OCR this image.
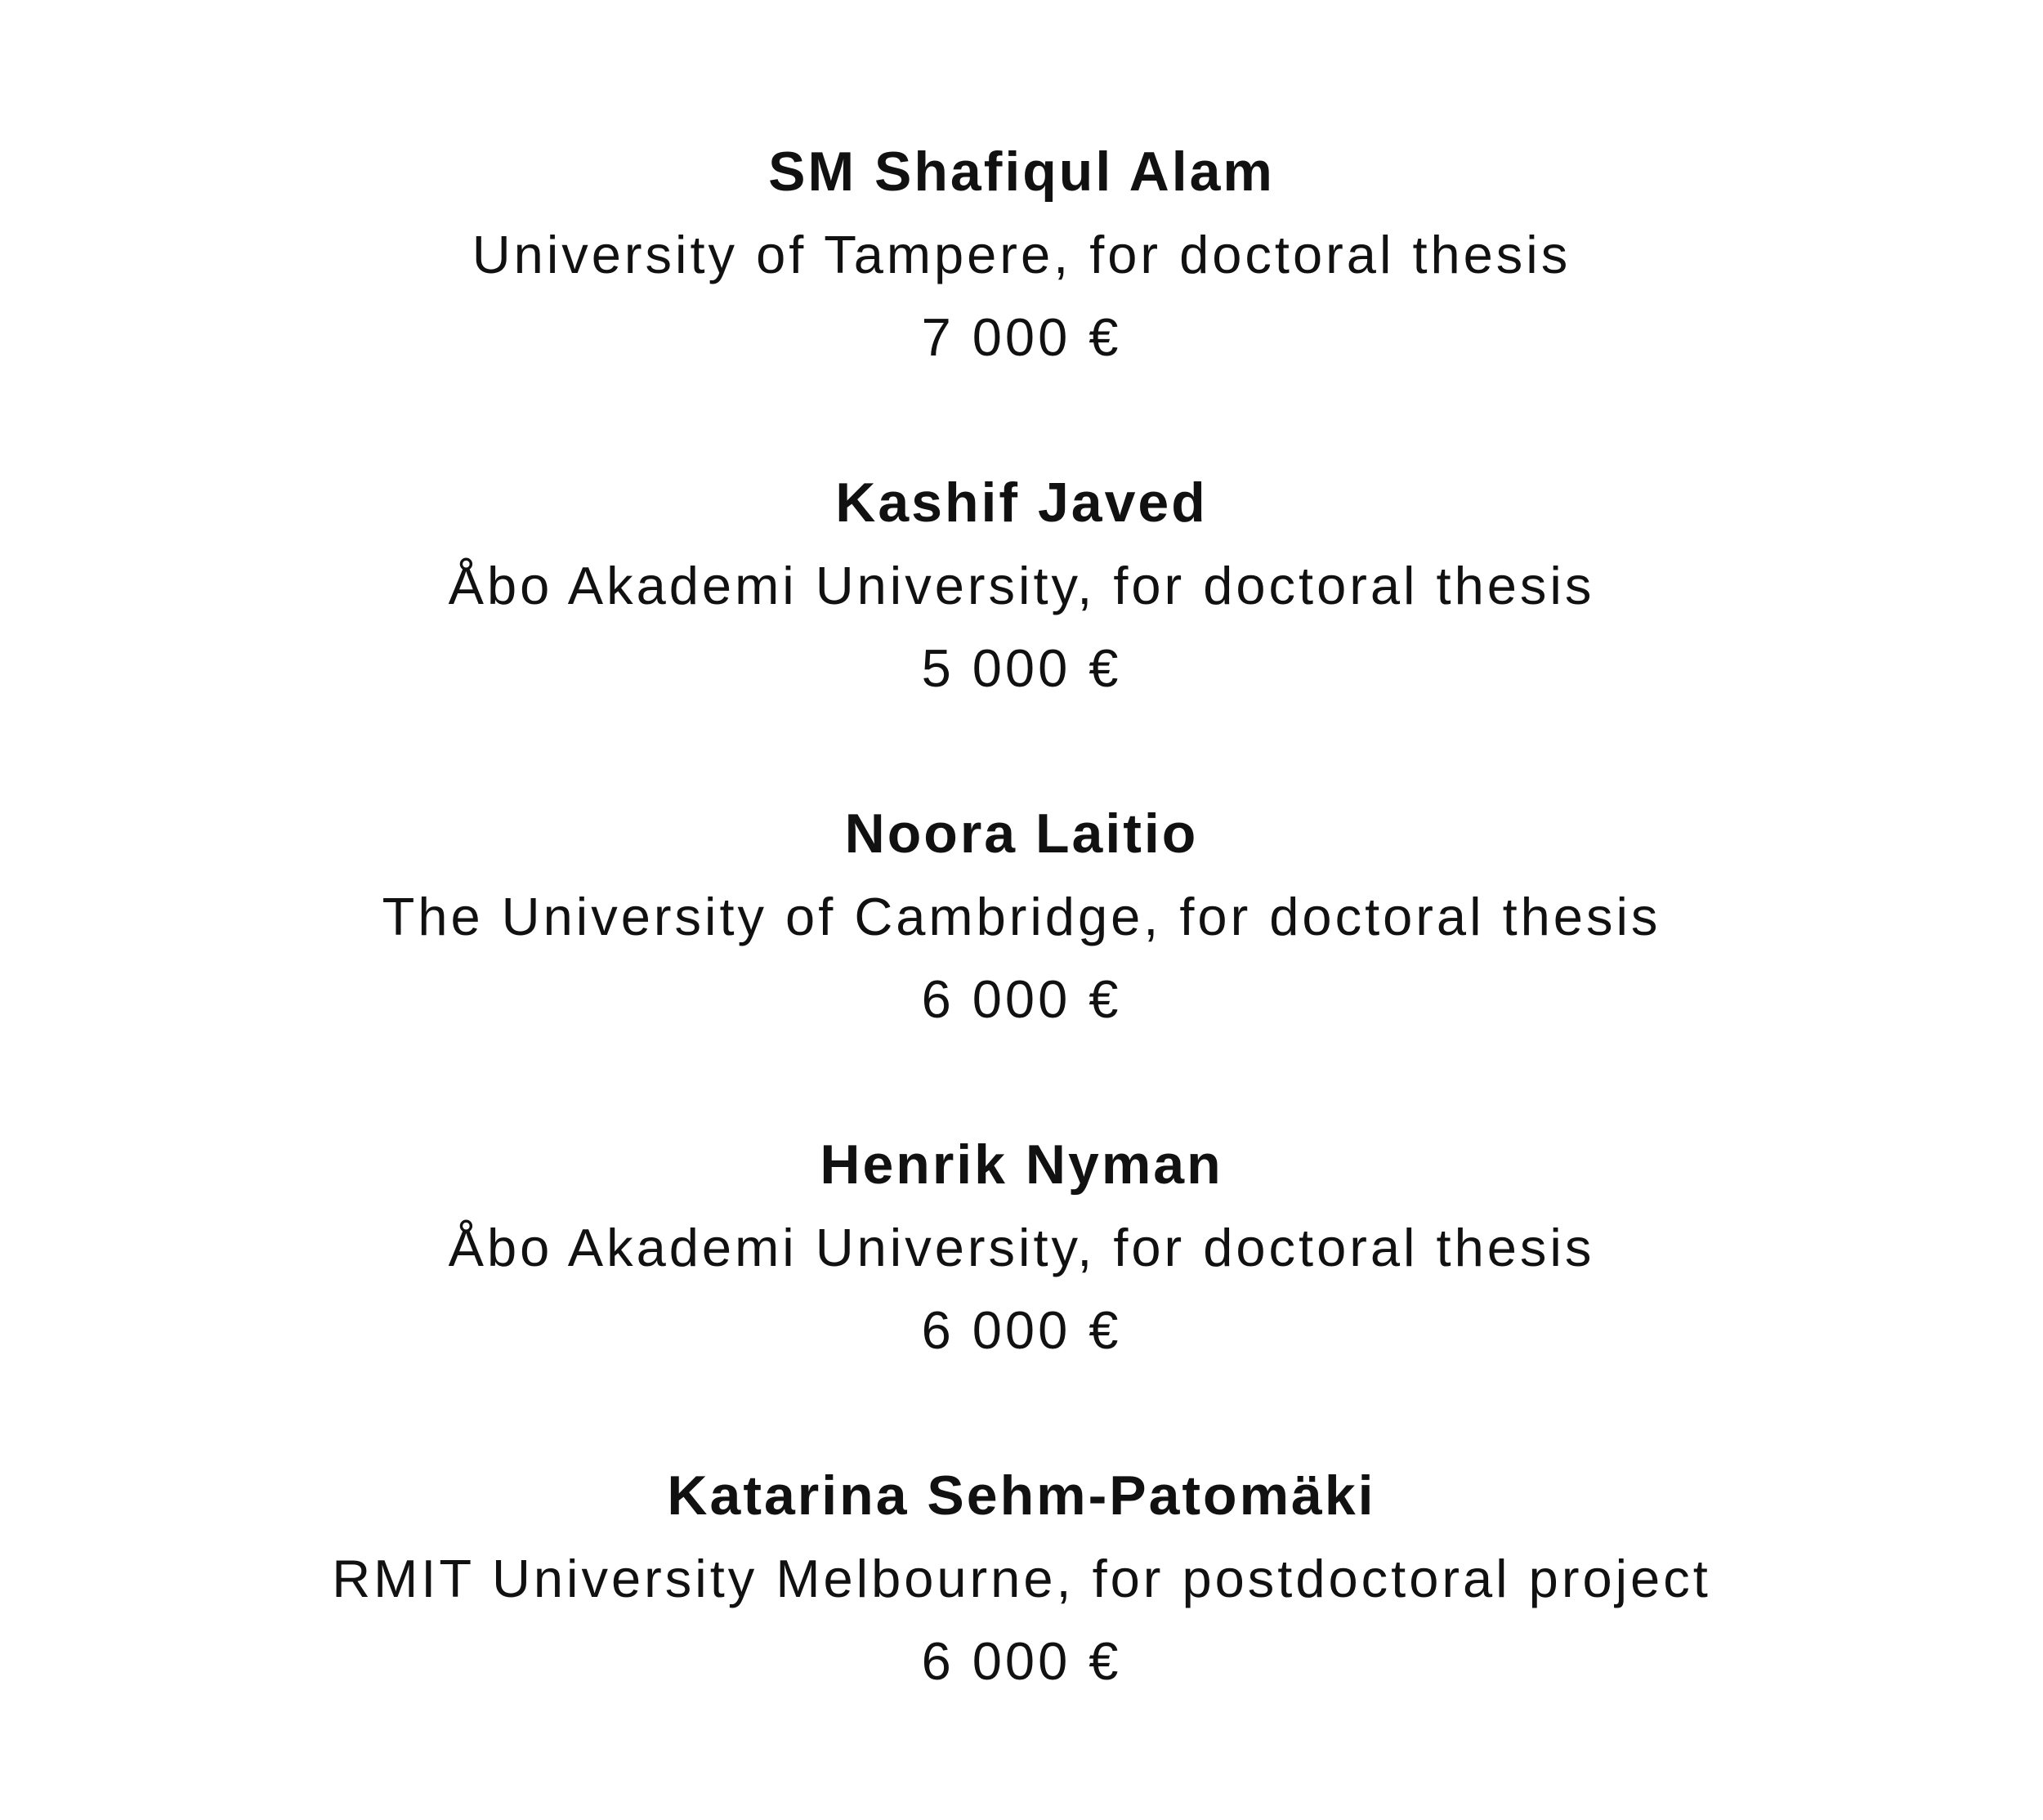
SM Shafiqul Alam
University of Tampere, for doctoral thesis
7 000 €
Kashif Javed
Åbo Akademi University, for doctoral thesis
5 000 €
Noora Laitio
The University of Cambridge, for doctoral thesis
6 000 €
Henrik Nyman
Åbo Akademi University, for doctoral thesis
6 000 €
Katarina Sehm-Patomäki
RMIT University Melbourne, for postdoctoral project
6 000 €
